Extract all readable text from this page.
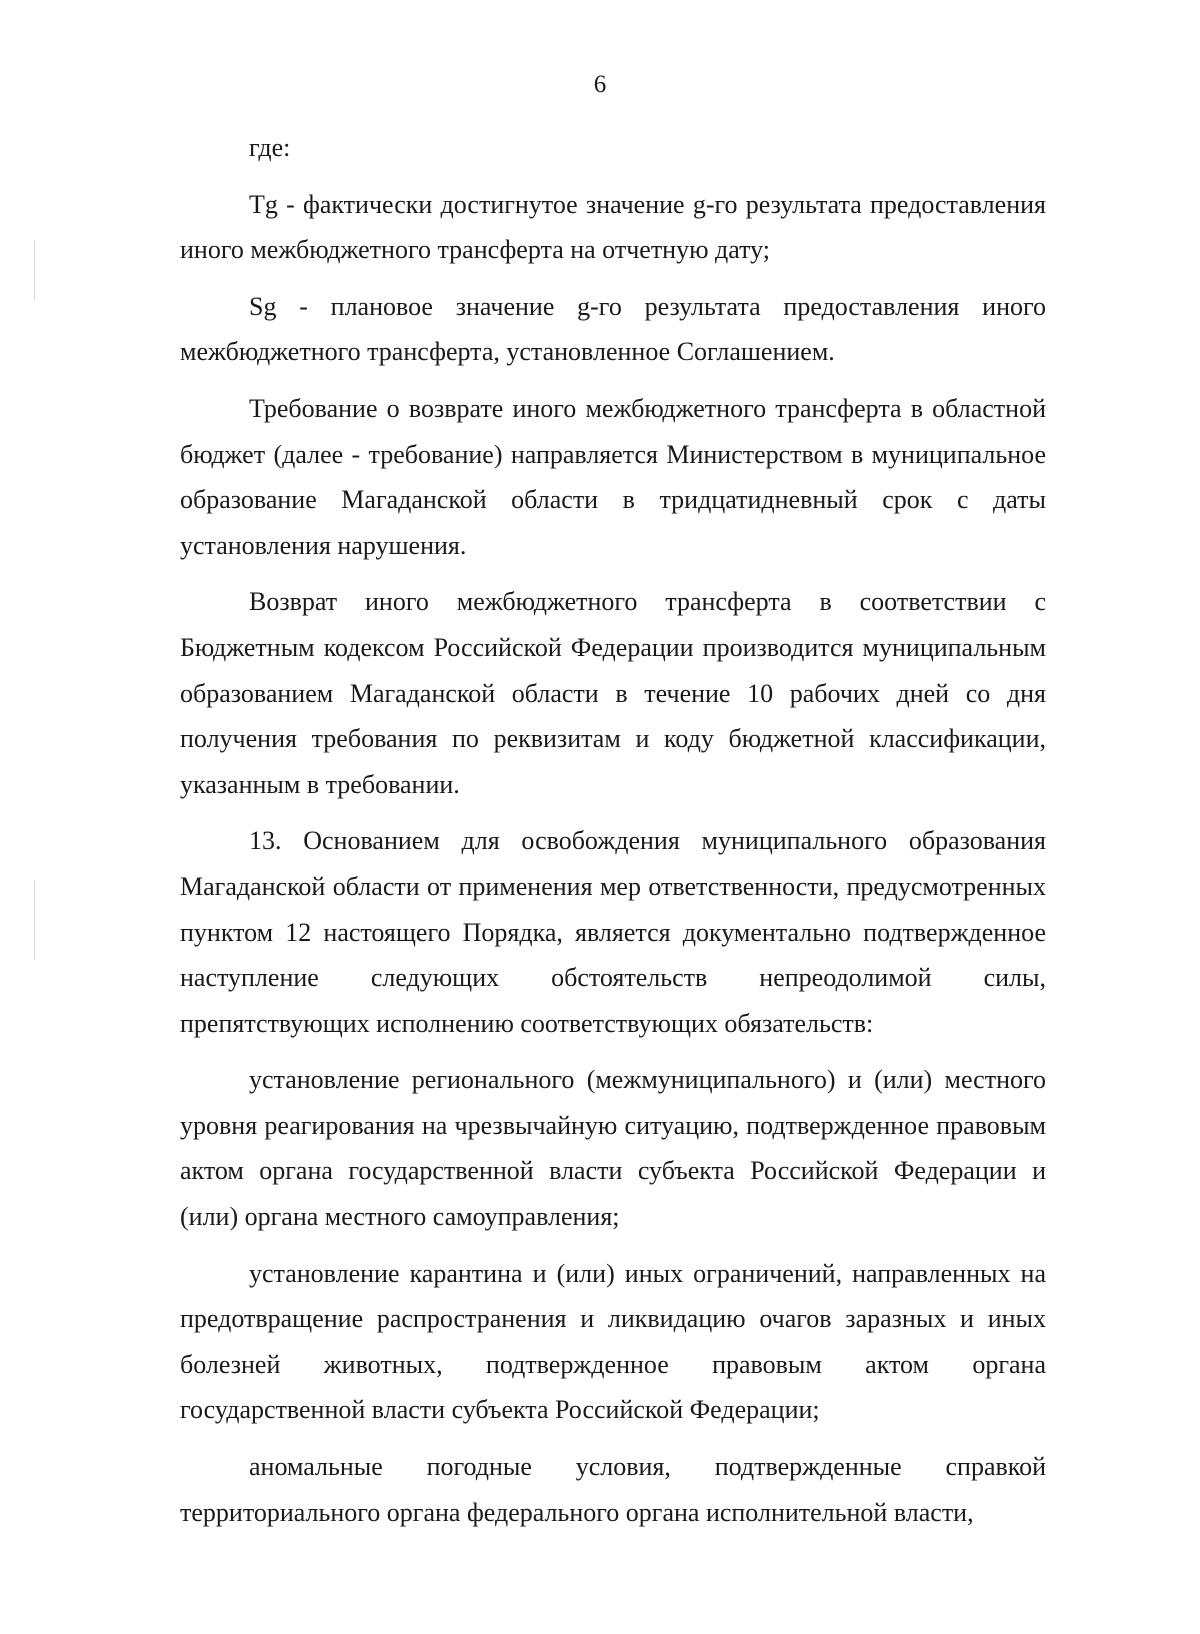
6

где:

Tg - фактически достигнутое значение g-го результата предоставления иного межбюджетного трансферта на отчетную дату;

Sg - плановое значение g-го результата предоставления иного межбюджетного трансферта, установленное Соглашением.

Требование о возврате иного межбюджетного трансферта в областной бюджет (далее - требование) направляется Министерством в муниципальное образование Магаданской области в тридцатидневный срок с даты установления нарушения.

Возврат иного межбюджетного трансферта в соответствии с Бюджетным кодексом Российской Федерации производится муниципальным образованием Магаданской области в течение 10 рабочих дней со дня получения требования по реквизитам и коду бюджетной классификации, указанным в требовании.

13. Основанием для освобождения муниципального образования Магаданской области от применения мер ответственности, предусмотренных пунктом 12 настоящего Порядка, является документально подтвержденное наступление следующих обстоятельств непреодолимой силы, препятствующих исполнению соответствующих обязательств:

установление регионального (межмуниципального) и (или) местного уровня реагирования на чрезвычайную ситуацию, подтвержденное правовым актом органа государственной власти субъекта Российской Федерации и (или) органа местного самоуправления;

установление карантина и (или) иных ограничений, направленных на предотвращение распространения и ликвидацию очагов заразных и иных болезней животных, подтвержденное правовым актом органа государственной власти субъекта Российской Федерации;

аномальные погодные условия, подтвержденные справкой территориального органа федерального органа исполнительной власти,
